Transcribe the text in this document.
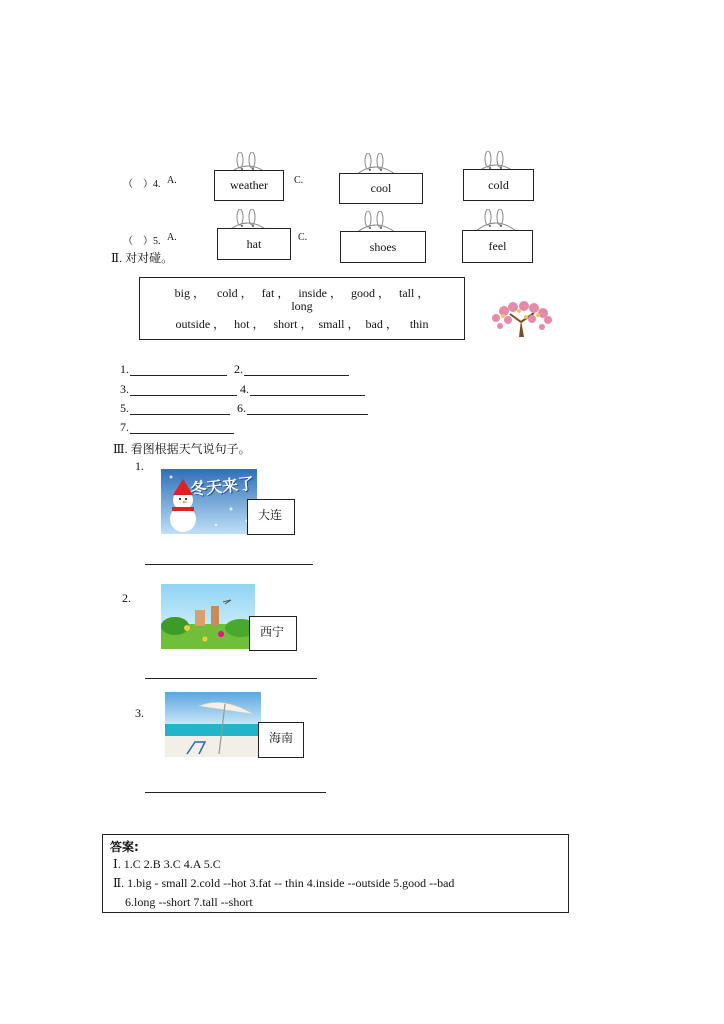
（　）4. A.	C.
weather	cool	cold
（　）5. A.	C.
hat	shoes	feel
Ⅱ. 对对碰。
big ，    cold ，   fat ，   inside ，   good ，   tall ，
long
outside ，   hot ，   short ，  small ，  bad ，    thin
1.	2.
3.	4.
5.	6.
7.
Ⅲ. 看图根据天气说句子。
1.
冬天来了
大连
2.
西宁
3.
海南
答案:
Ⅰ. 1.C 2.B 3.C 4.A 5.C
Ⅱ. 1.big - small 2.cold --hot 3.fat -- thin 4.inside --outside 5.good --bad
6.long --short 7.tall --short
